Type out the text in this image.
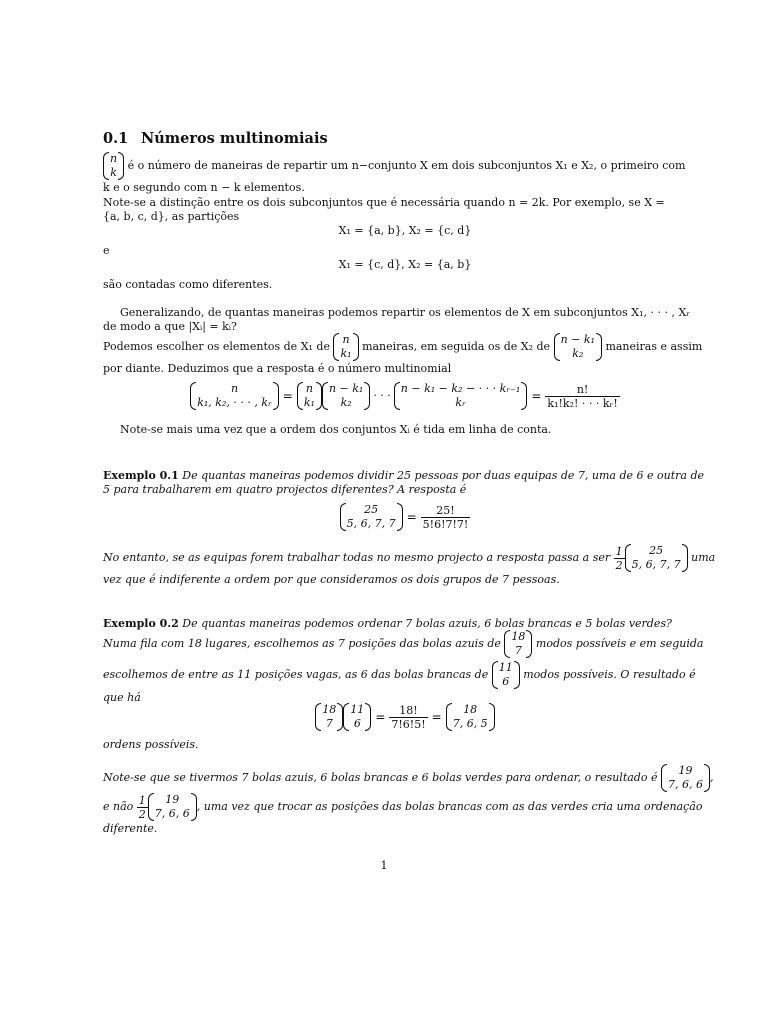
0.1 Números multinomiais
n
k
é o número de maneiras de repartir um n−conjunto X em dois subconjuntos X₁ e X₂, o primeiro com
k e o segundo com n − k elementos.
Note-se a distinção entre os dois subconjuntos que é necessária quando n = 2k. Por exemplo, se X =
{a, b, c, d}, as partições
X₁ = {a, b}, X₂ = {c, d}
e
X₁ = {c, d}, X₂ = {a, b}
são contadas como diferentes.
Generalizando, de quantas maneiras podemos repartir os elementos de X em subconjuntos X₁, · · · , Xᵣ
de modo a que |Xᵢ| = kᵢ?
Podemos escolher os elementos de X₁ de
n
k₁
maneiras, em seguida os de X₂ de
n − k₁
k₂
maneiras e assim
por diante. Deduzimos que a resposta é o número multinomial
n
k₁, k₂, · · · , kᵣ =
n
k₁
n − k₁
k₂
· · ·
n − k₁ − k₂ − · · · kᵣ₋₁
kᵣ	= $\frac{n!}{\text{k₁!k₂! · · · kᵣ!}}$
Note-se mais uma vez que a ordem dos conjuntos Xᵢ é tida em linha de conta.
Exemplo 0.1 De quantas maneiras podemos dividir 25 pessoas por duas equipas de 7, uma de 6 e outra de
5 para trabalharem em quatro projectos diferentes? A resposta é
25
5, 6, 7, $7 = \frac{25!}{5!6!7!7!}$
No entanto, se as equipas forem trabalhar todas no mesmo projecto a resposta passa a ser $\frac{1}{2}$	25
5, 6, 7, 7
uma
vez que é indiferente a ordem por que consideramos os dois grupos de 7 pessoas.
Exemplo 0.2 De quantas maneiras podemos ordenar 7 bolas azuis, 6 bolas brancas e 5 bolas verdes?
Numa fila com 18 lugares, escolhemos as 7 posições das bolas azuis de
18
7
modos possíveis e em seguida
escolhemos de entre as 11 posições vagas, as 6 das bolas brancas de
11
6
modos possíveis. O resultado é
que há
18
7
11
$6 = \frac{18!}{7!6!5!}$ =
18
7, 6, 5
ordens possíveis.
Note-se que se tivermos 7 bolas azuis, 6 bolas brancas e 6 bolas verdes para ordenar, o resultado é
19
7, 6, 6
,
e não $\frac{1}{2}$	19
7, 6, 6
, uma vez que trocar as posições das bolas brancas com as das verdes cria uma ordenação
diferente.
1
